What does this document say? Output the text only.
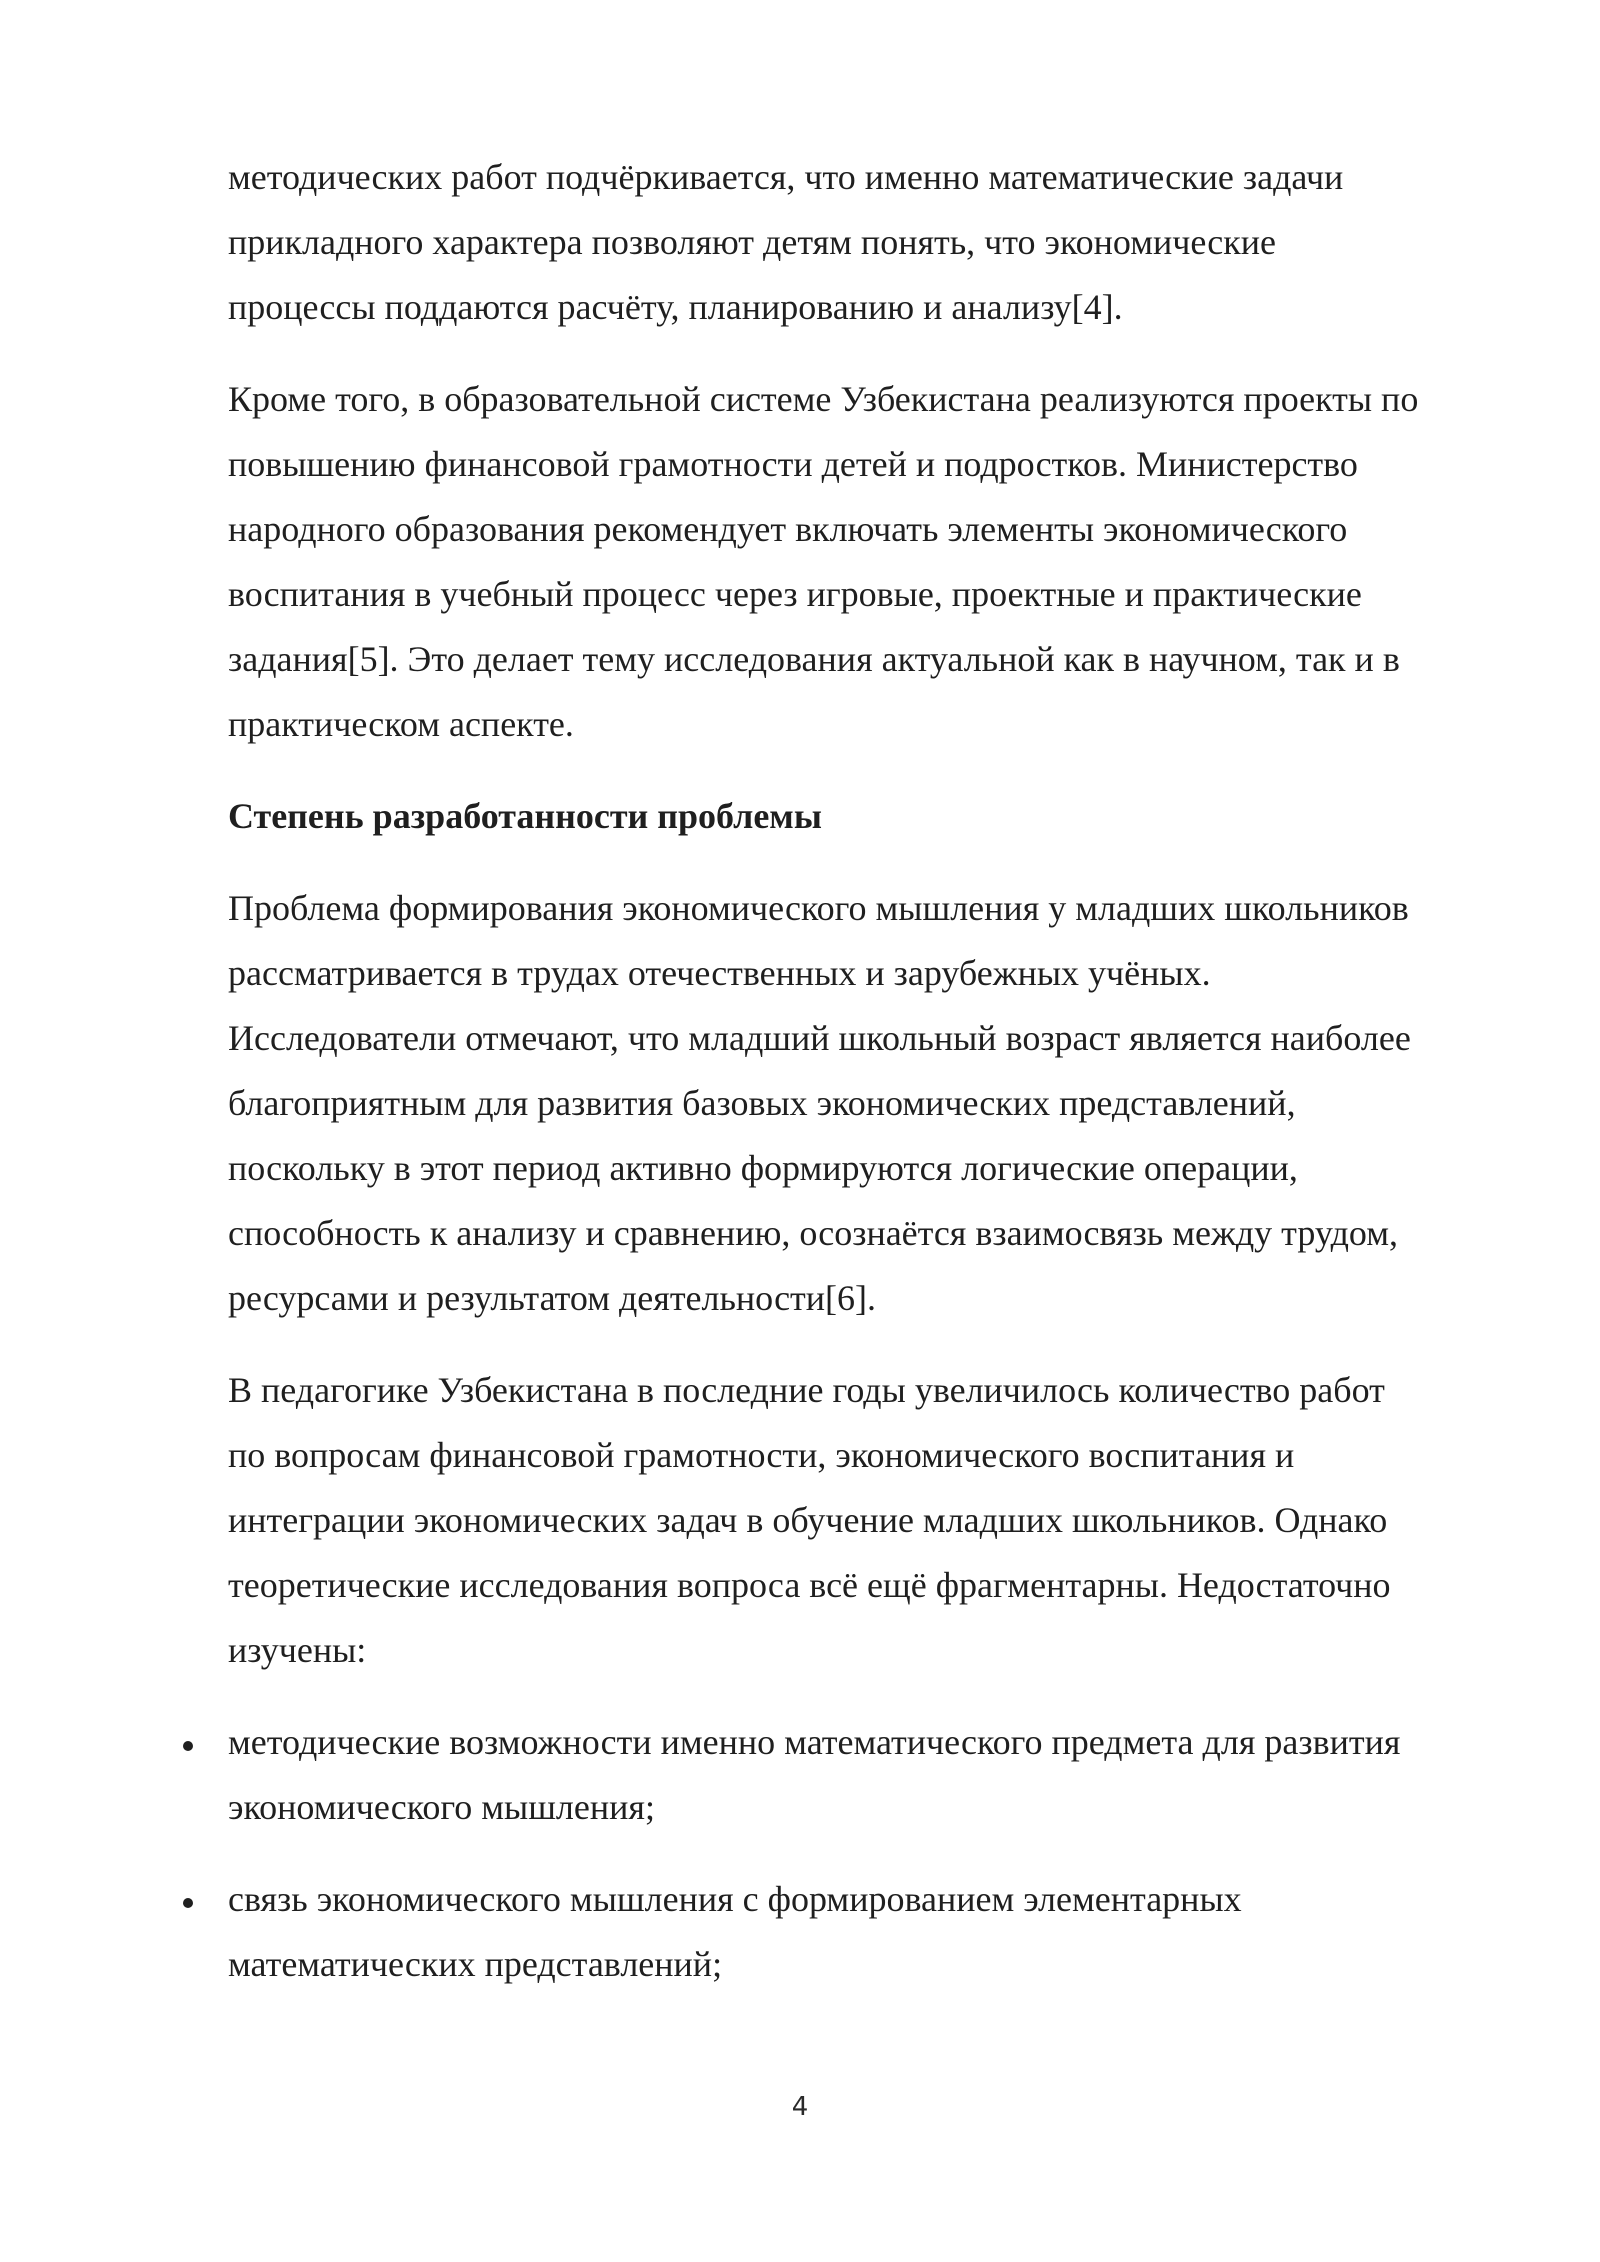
методических работ подчёркивается, что именно математические задачи
прикладного характера позволяют детям понять, что экономические
процессы поддаются расчёту, планированию и анализу[4].

Кроме того, в образовательной системе Узбекистана реализуются проекты по
повышению финансовой грамотности детей и подростков. Министерство
народного образования рекомендует включать элементы экономического
воспитания в учебный процесс через игровые, проектные и практические
задания[5]. Это делает тему исследования актуальной как в научном, так и в
практическом аспекте.

Степень разработанности проблемы

Проблема формирования экономического мышления у младших школьников
рассматривается в трудах отечественных и зарубежных учёных.
Исследователи отмечают, что младший школьный возраст является наиболее
благоприятным для развития базовых экономических представлений,
поскольку в этот период активно формируются логические операции,
способность к анализу и сравнению, осознаётся взаимосвязь между трудом,
ресурсами и результатом деятельности[6].

В педагогике Узбекистана в последние годы увеличилось количество работ
по вопросам финансовой грамотности, экономического воспитания и
интеграции экономических задач в обучение младших школьников. Однако
теоретические исследования вопроса всё ещё фрагментарны. Недостаточно
изучены:

методические возможности именно математического предмета для развития
экономического мышления;
связь экономического мышления с формированием элементарных
математических представлений;
4
